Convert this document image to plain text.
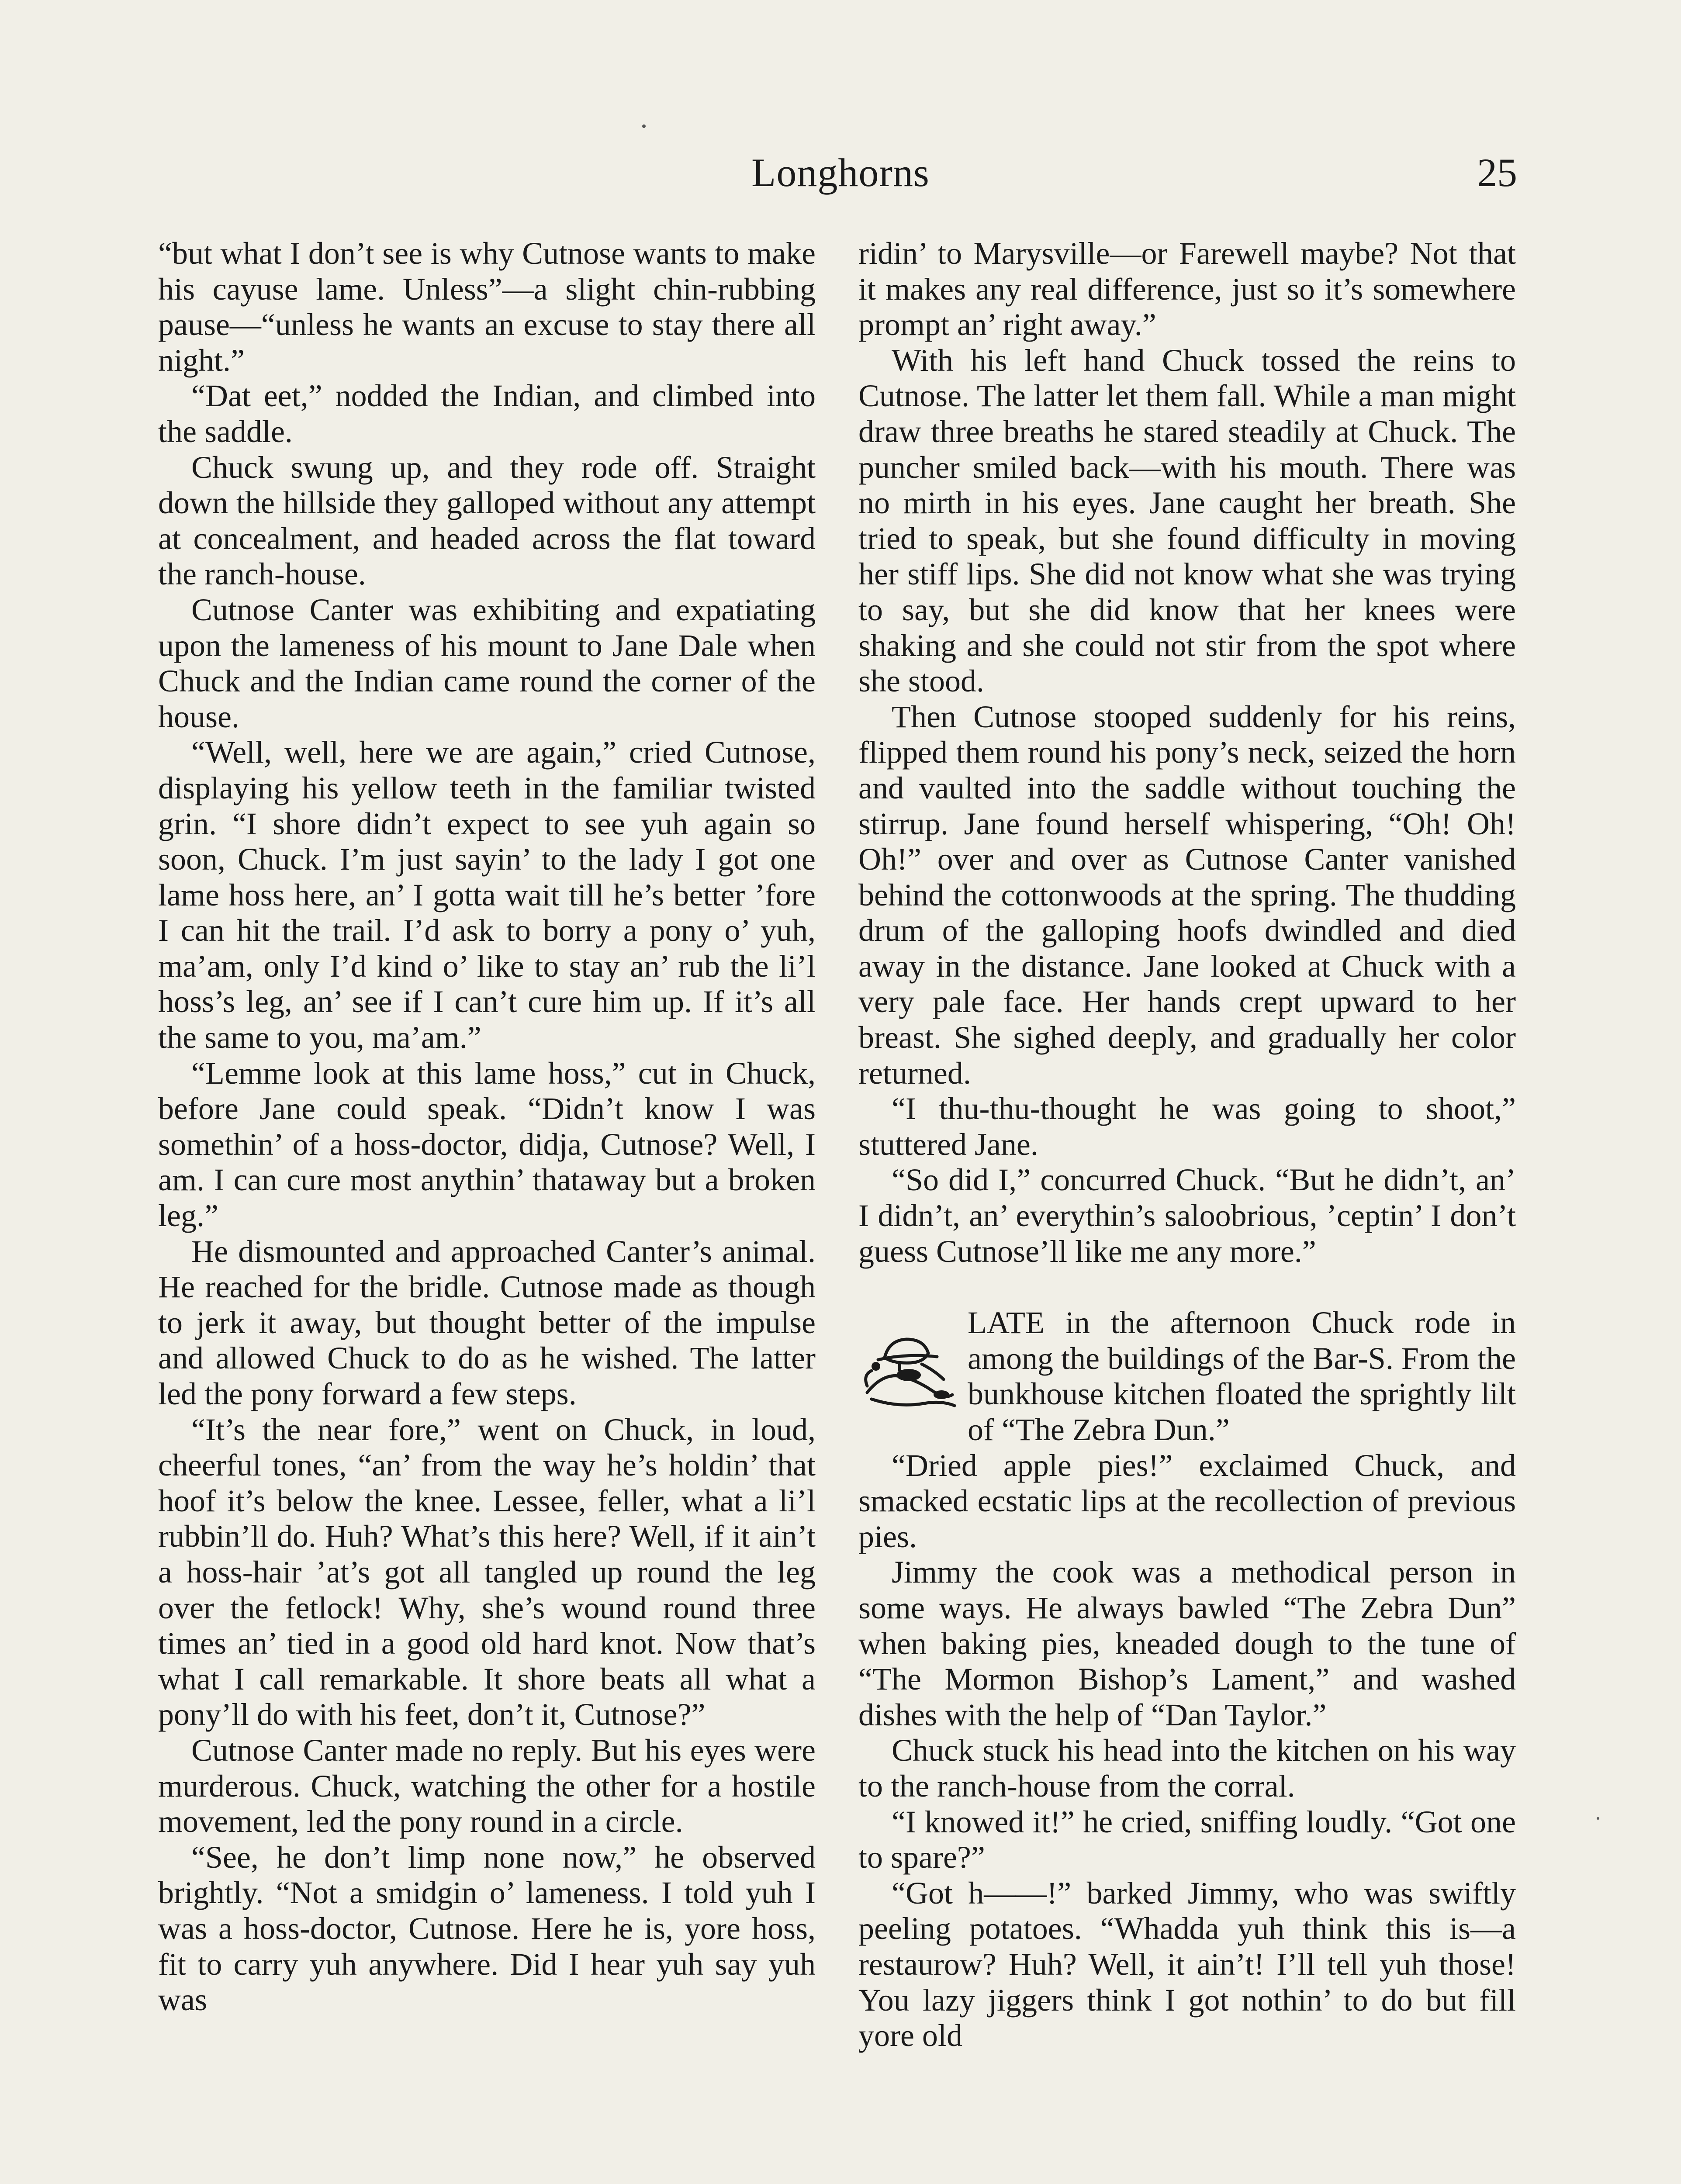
Longhorns	25

“but what I don’t see is why Cutnose wants to make his cayuse lame. Unless”—a slight chin-rubbing pause—“unless he wants an excuse to stay there all night.”

“Dat eet,” nodded the Indian, and climbed into the saddle.

Chuck swung up, and they rode off. Straight down the hillside they galloped without any attempt at concealment, and headed across the flat toward the ranch-house.

Cutnose Canter was exhibiting and expatiating upon the lameness of his mount to Jane Dale when Chuck and the Indian came round the corner of the house.

“Well, well, here we are again,” cried Cutnose, displaying his yellow teeth in the familiar twisted grin. “I shore didn’t expect to see yuh again so soon, Chuck. I’m just sayin’ to the lady I got one lame hoss here, an’ I gotta wait till he’s better ’fore I can hit the trail. I’d ask to borry a pony o’ yuh, ma’am, only I’d kind o’ like to stay an’ rub the li’l hoss’s leg, an’ see if I can’t cure him up. If it’s all the same to you, ma’am.”

“Lemme look at this lame hoss,” cut in Chuck, before Jane could speak. “Didn’t know I was somethin’ of a hoss-doctor, didja, Cutnose? Well, I am. I can cure most anythin’ thataway but a broken leg.”

He dismounted and approached Canter’s animal. He reached for the bridle. Cutnose made as though to jerk it away, but thought better of the impulse and allowed Chuck to do as he wished. The latter led the pony forward a few steps.

“It’s the near fore,” went on Chuck, in loud, cheerful tones, “an’ from the way he’s holdin’ that hoof it’s below the knee. Lessee, feller, what a li’l rubbin’ll do. Huh? What’s this here? Well, if it ain’t a hoss-hair ’at’s got all tangled up round the leg over the fetlock! Why, she’s wound round three times an’ tied in a good old hard knot. Now that’s what I call remarkable. It shore beats all what a pony’ll do with his feet, don’t it, Cutnose?”

Cutnose Canter made no reply. But his eyes were murderous. Chuck, watching the other for a hostile movement, led the pony round in a circle.

“See, he don’t limp none now,” he observed brightly. “Not a smidgin o’ lameness. I told yuh I was a hoss-doctor, Cutnose. Here he is, yore hoss, fit to carry yuh anywhere. Did I hear yuh say yuh was

ridin’ to Marysville—or Farewell maybe? Not that it makes any real difference, just so it’s somewhere prompt an’ right away.”

With his left hand Chuck tossed the reins to Cutnose. The latter let them fall. While a man might draw three breaths he stared steadily at Chuck. The puncher smiled back—with his mouth. There was no mirth in his eyes. Jane caught her breath. She tried to speak, but she found difficulty in moving her stiff lips. She did not know what she was trying to say, but she did know that her knees were shaking and she could not stir from the spot where she stood.

Then Cutnose stooped suddenly for his reins, flipped them round his pony’s neck, seized the horn and vaulted into the saddle without touching the stirrup. Jane found herself whispering, “Oh! Oh! Oh!” over and over as Cutnose Canter vanished behind the cottonwoods at the spring. The thudding drum of the galloping hoofs dwindled and died away in the distance. Jane looked at Chuck with a very pale face. Her hands crept upward to her breast. She sighed deeply, and gradually her color returned.

“I thu-thu-thought he was going to shoot,” stuttered Jane.

“So did I,” concurred Chuck. “But he didn’t, an’ I didn’t, an’ everythin’s saloobrious, ’ceptin’ I don’t guess Cutnose’ll like me any more.”

LATE in the afternoon Chuck rode in among the buildings of the Bar-S. From the bunkhouse kitchen floated the sprightly lilt of “The Zebra Dun.”

“Dried apple pies!” exclaimed Chuck, and smacked ecstatic lips at the recollection of previous pies.

Jimmy the cook was a methodical person in some ways. He always bawled “The Zebra Dun” when baking pies, kneaded dough to the tune of “The Mormon Bishop’s Lament,” and washed dishes with the help of “Dan Taylor.”

Chuck stuck his head into the kitchen on his way to the ranch-house from the corral.

“I knowed it!” he cried, sniffing loudly. “Got one to spare?”

“Got h——!” barked Jimmy, who was swiftly peeling potatoes. “Whadda yuh think this is—a restaurow? Huh? Well, it ain’t! I’ll tell yuh those! You lazy jiggers think I got nothin’ to do but fill yore old
